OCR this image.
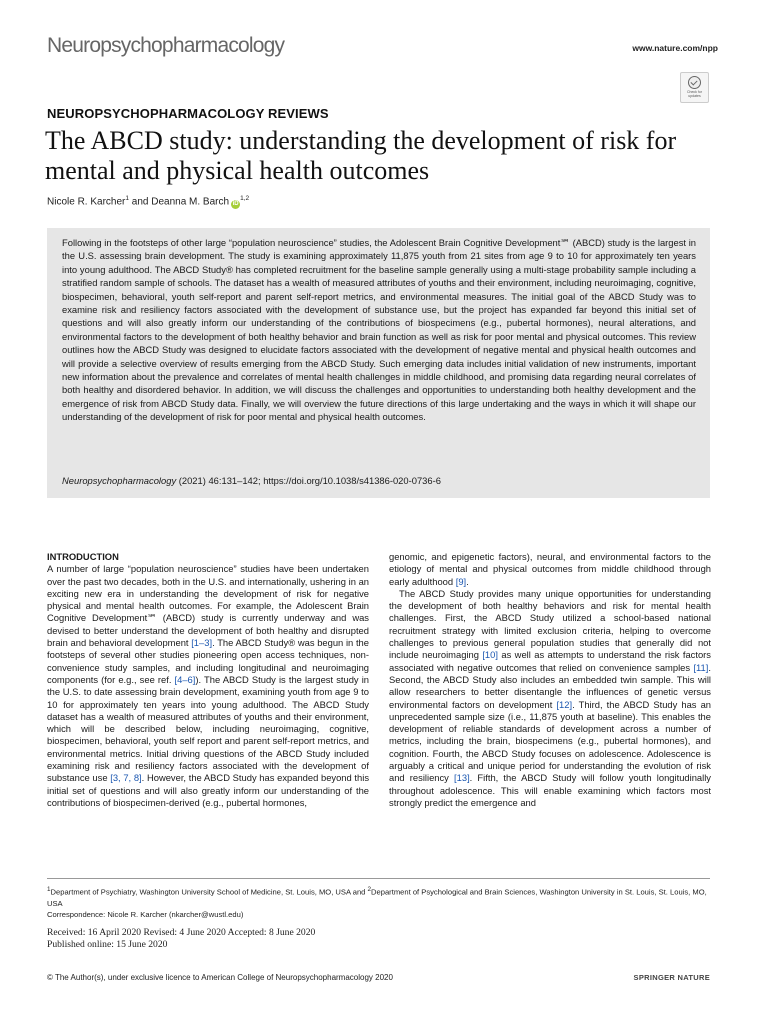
Neuropsychopharmacology	www.nature.com/npp
Check for updates
NEUROPSYCHOPHARMACOLOGY REVIEWS
The ABCD study: understanding the development of risk for mental and physical health outcomes
Nicole R. Karcher$^1$ and Deanna M. Barch iD$^{1,2}$
Following in the footsteps of other large “population neuroscience” studies, the Adolescent Brain Cognitive Development℠ (ABCD) study is the largest in the U.S. assessing brain development. The study is examining approximately 11,875 youth from 21 sites from age 9 to 10 for approximately ten years into young adulthood. The ABCD Study® has completed recruitment for the baseline sample generally using a multi-stage probability sample including a stratified random sample of schools. The dataset has a wealth of measured attributes of youths and their environment, including neuroimaging, cognitive, biospecimen, behavioral, youth self-report and parent self-report metrics, and environmental measures. The initial goal of the ABCD Study was to examine risk and resiliency factors associated with the development of substance use, but the project has expanded far beyond this initial set of questions and will also greatly inform our understanding of the contributions of biospecimens (e.g., pubertal hormones), neural alterations, and environmental factors to the development of both healthy behavior and brain function as well as risk for poor mental and physical outcomes. This review outlines how the ABCD Study was designed to elucidate factors associated with the development of negative mental and physical health outcomes and will provide a selective overview of results emerging from the ABCD Study. Such emerging data includes initial validation of new instruments, important new information about the prevalence and correlates of mental health challenges in middle childhood, and promising data regarding neural correlates of both healthy and disordered behavior. In addition, we will discuss the challenges and opportunities to understanding both healthy development and the emergence of risk from ABCD Study data. Finally, we will overview the future directions of this large undertaking and the ways in which it will shape our understanding of the development of risk for poor mental and physical health outcomes.
Neuropsychopharmacology (2021) 46:131–142; https://doi.org/10.1038/s41386-020-0736-6
INTRODUCTION

A number of large “population neuroscience” studies have been undertaken over the past two decades, both in the U.S. and internationally, ushering in an exciting new era in understanding the development of risk for negative physical and mental health outcomes. For example, the Adolescent Brain Cognitive Development℠ (ABCD) study is currently underway and was devised to better understand the development of both healthy and disrupted brain and behavioral development [1–3]. The ABCD Study® was begun in the footsteps of several other studies pioneering open access techniques, non-convenience study samples, and including longitudinal and neuroimaging components (for e.g., see ref. [4–6]). The ABCD Study is the largest study in the U.S. to date assessing brain development, examining youth from age 9 to 10 for approximately ten years into young adulthood. The ABCD Study dataset has a wealth of measured attributes of youths and their environment, which will be described below, including neuroimaging, cognitive, biospecimen, behavioral, youth self report and parent self-report metrics, and environmental metrics. Initial driving questions of the ABCD Study included examining risk and resiliency factors associated with the development of substance use [3, 7, 8]. However, the ABCD Study has expanded beyond this initial set of questions and will also greatly inform our understanding of the contributions of biospecimen-derived (e.g., pubertal hormones,

genomic, and epigenetic factors), neural, and environmental factors to the etiology of mental and physical outcomes from middle childhood through early adulthood [9].

The ABCD Study provides many unique opportunities for understanding the development of both healthy behaviors and risk for mental health challenges. First, the ABCD Study utilized a school-based national recruitment strategy with limited exclusion criteria, helping to overcome challenges to previous general population studies that generally did not include neuroimaging [10] as well as attempts to understand the risk factors associated with negative outcomes that relied on convenience samples [11]. Second, the ABCD Study also includes an embedded twin sample. This will allow researchers to better disentangle the influences of genetic versus environmental factors on development [12]. Third, the ABCD Study has an unprecedented sample size (i.e., 11,875 youth at baseline). This enables the development of reliable standards of development across a number of metrics, including the brain, biospecimens (e.g., pubertal hormones), and cognition. Fourth, the ABCD Study focuses on adolescence. Adolescence is arguably a critical and unique period for understanding the evolution of risk and resiliency [13]. Fifth, the ABCD Study will follow youth longitudinally throughout adolescence. This will enable examining which factors most strongly predict the emergence and

$^1$Department of Psychiatry, Washington University School of Medicine, St. Louis, MO, USA and $^2$Department of Psychological and Brain Sciences, Washington University in St. Louis, St. Louis, MO, USA
Correspondence: Nicole R. Karcher (nkarcher@wustl.edu)
Received: 16 April 2020 Revised: 4 June 2020 Accepted: 8 June 2020
Published online: 15 June 2020
© The Author(s), under exclusive licence to American College of Neuropsychopharmacology 2020	SPRINGER NATURE
